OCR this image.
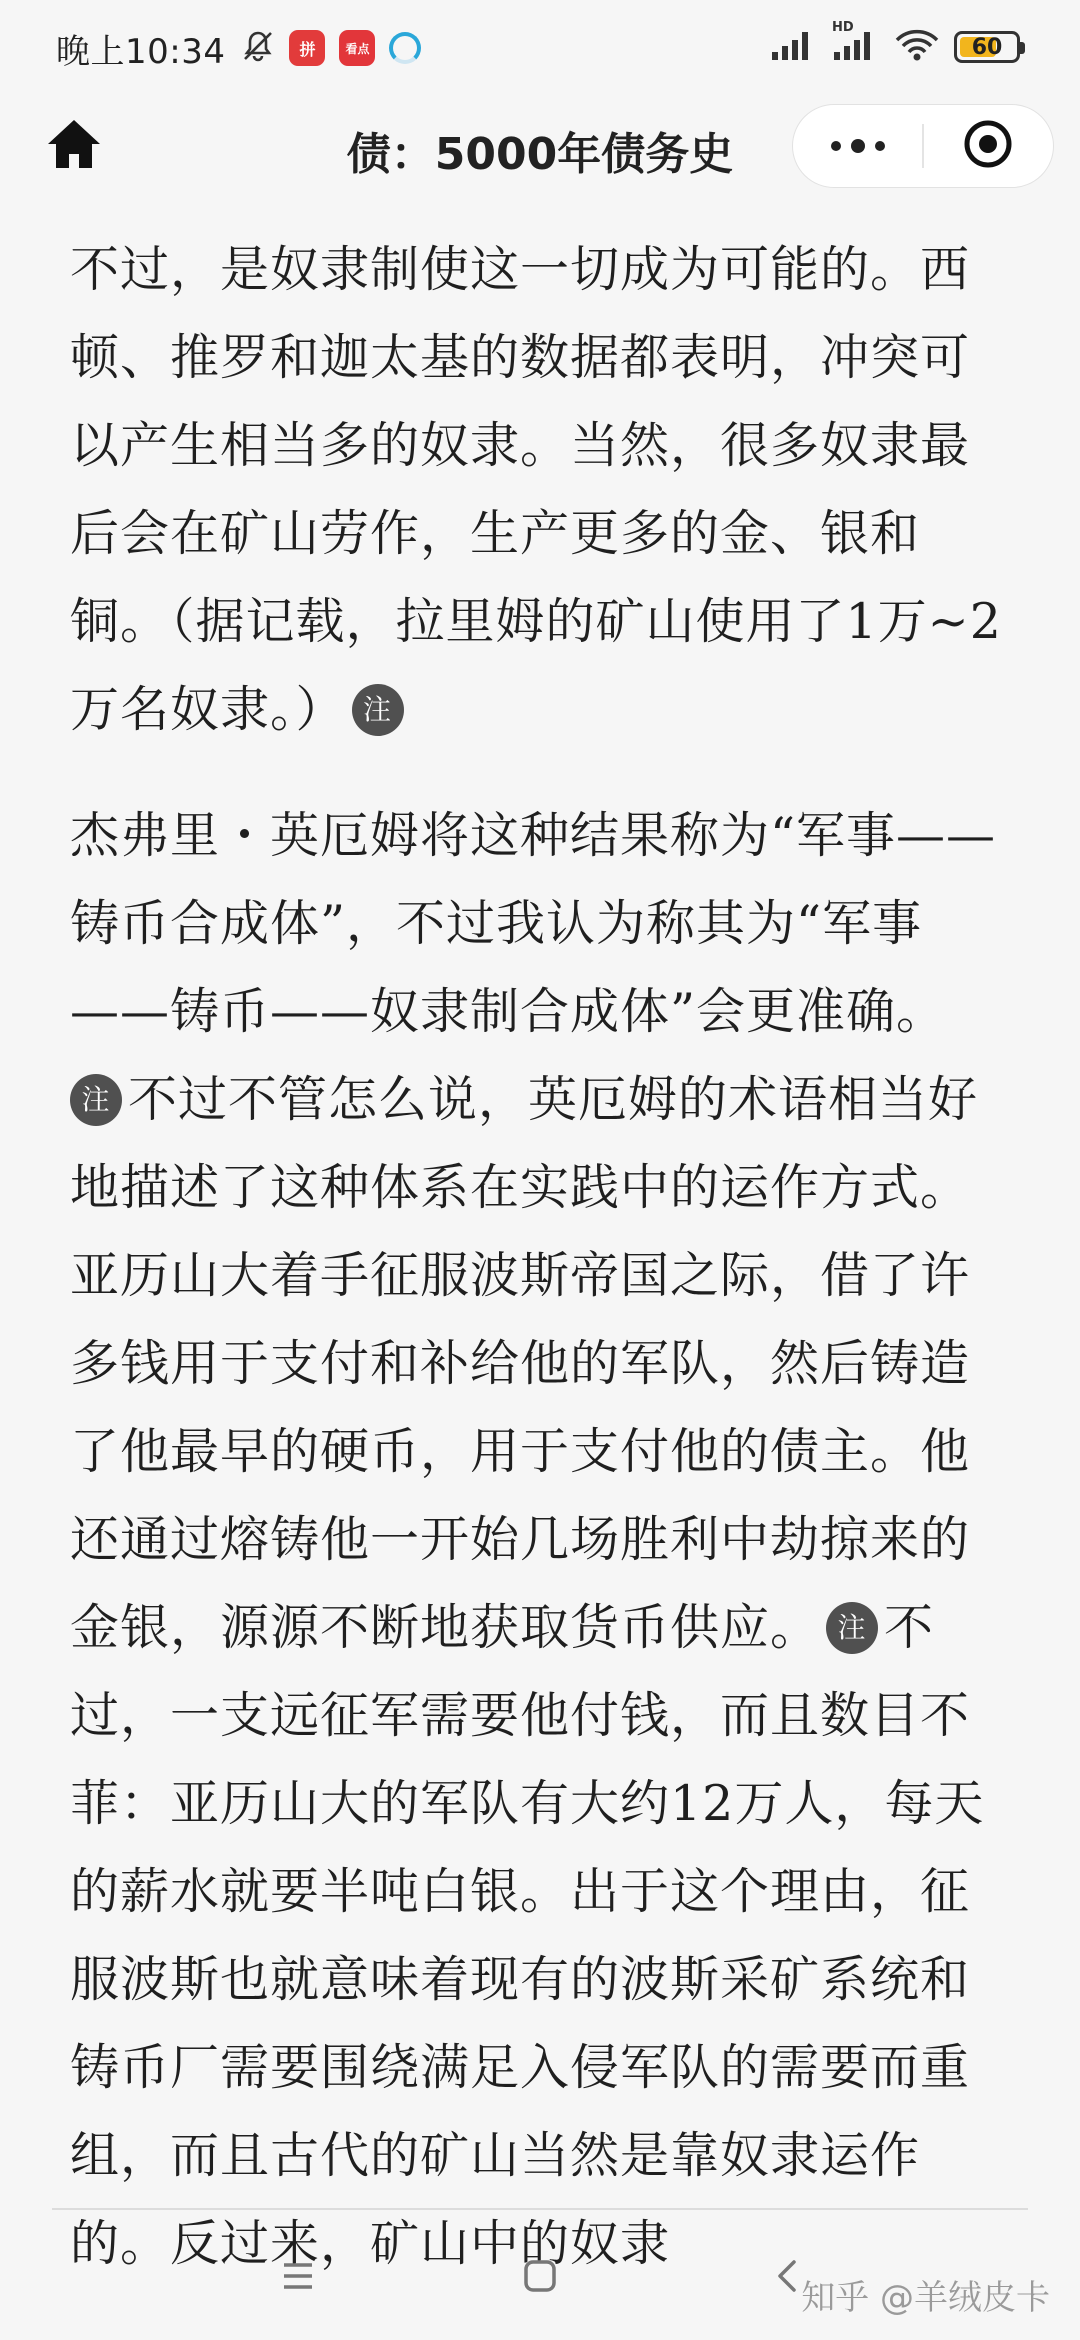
晚上10:34	拼	看点
HD
60
债：5000年债务史

不过，是奴隶制使这一切成为可能的。西顿、推罗和迦太基的数据都表明，冲突可以产生相当多的奴隶。当然，很多奴隶最后会在矿山劳作，生产更多的金、银和铜。（据记载，拉里姆的矿山使用了1万~2万名奴隶。） 注

杰弗里・英厄姆将这种结果称为“军事——铸币合成体”，不过我认为称其为“军事——铸币——奴隶制合成体”会更准确。
注 不过不管怎么说，英厄姆的术语相当好地描述了这种体系在实践中的运作方式。亚历山大着手征服波斯帝国之际，借了许多钱用于支付和补给他的军队，然后铸造了他最早的硬币，用于支付他的债主。他还通过熔铸他一开始几场胜利中劫掠来的金银，源源不断地获取货币供应。 注 不过，一支远征军需要他付钱，而且数目不菲：亚历山大的军队有大约12万人，每天的薪水就要半吨白银。出于这个理由，征服波斯也就意味着现有的波斯采矿系统和铸币厂需要围绕满足入侵军队的需要而重组，而且古代的矿山当然是靠奴隶运作的。反过来，矿山中的奴隶

知乎 @羊绒皮卡
